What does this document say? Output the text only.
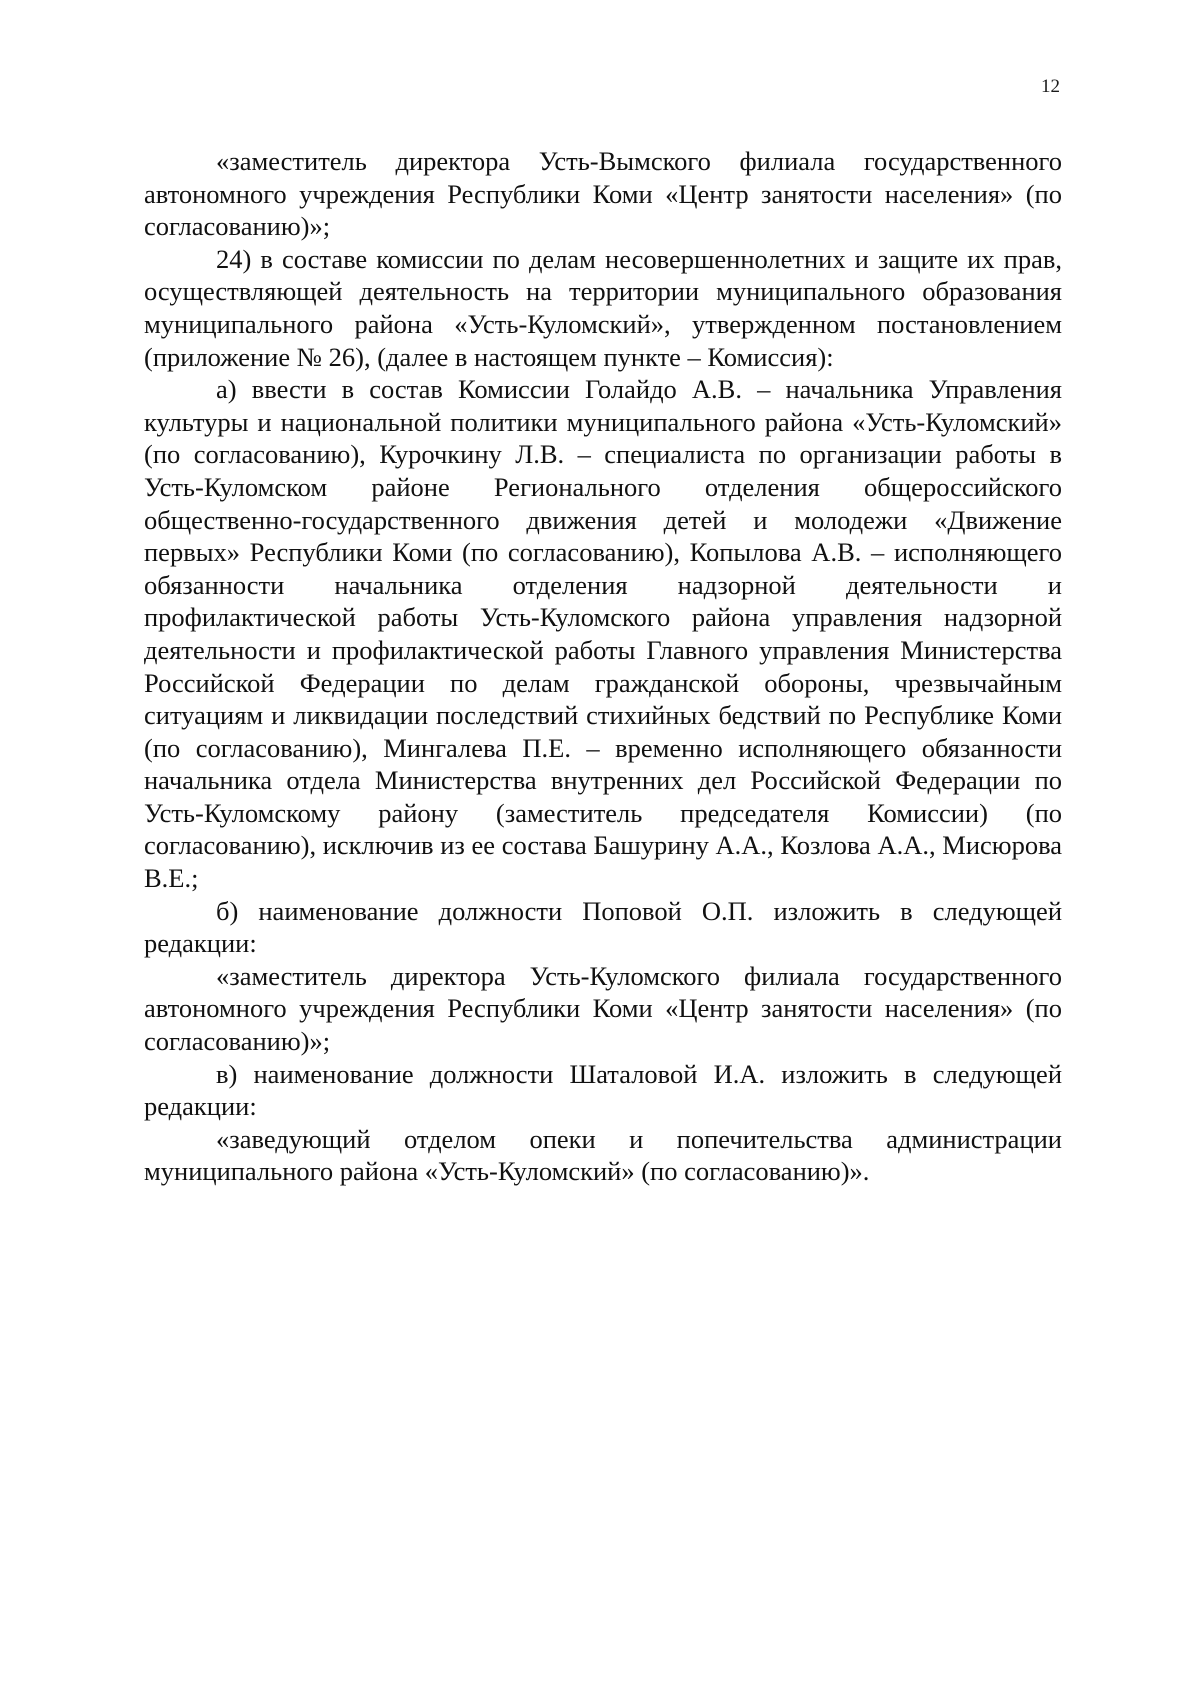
12

«заместитель директора Усть-Вымского филиала государственного автономного учреждения Республики Коми «Центр занятости населения» (по согласованию)»;

24) в составе комиссии по делам несовершеннолетних и защите их прав, осуществляющей деятельность на территории муниципального образования муниципального района «Усть-Куломский», утвержденном постановлением (приложение № 26), (далее в настоящем пункте – Комиссия):

а) ввести в состав Комиссии Голайдо А.В. – начальника Управления культуры и национальной политики муниципального района «Усть-Куломский» (по согласованию), Курочкину Л.В. – специалиста по организации работы в Усть-Куломском районе Регионального отделения общероссийского общественно-государственного движения детей и молодежи «Движение первых» Республики Коми (по согласованию), Копылова А.В. – исполняющего обязанности начальника отделения надзорной деятельности и профилактической работы Усть-Куломского района управления надзорной деятельности и профилактической работы Главного управления Министерства Российской Федерации по делам гражданской обороны, чрезвычайным ситуациям и ликвидации последствий стихийных бедствий по Республике Коми (по согласованию), Мингалева П.Е. – временно исполняющего обязанности начальника отдела Министерства внутренних дел Российской Федерации по Усть-Куломскому району (заместитель председателя Комиссии) (по согласованию), исключив из ее состава Башурину А.А., Козлова А.А., Мисюрова В.Е.;

б) наименование должности Поповой О.П. изложить в следующей редакции:

«заместитель директора Усть-Куломского филиала государственного автономного учреждения Республики Коми «Центр занятости населения» (по согласованию)»;

в) наименование должности Шаталовой И.А. изложить в следующей редакции:

«заведующий отделом опеки и попечительства администрации муниципального района «Усть-Куломский» (по согласованию)».
